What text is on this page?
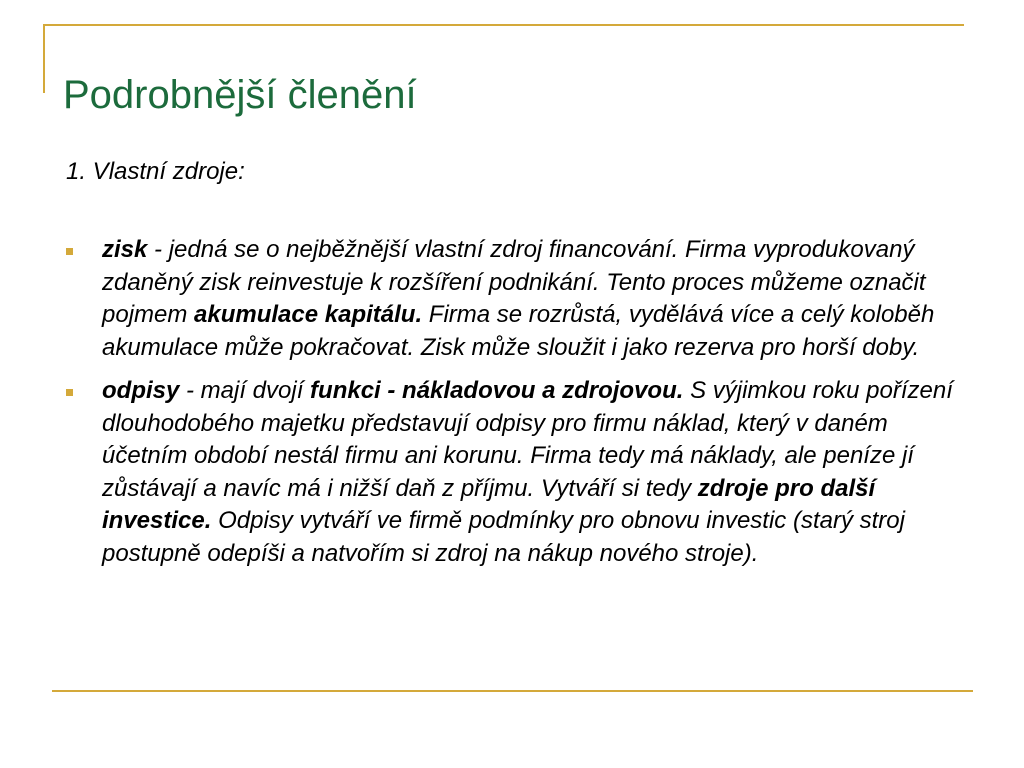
Podrobnější členění

1. Vlastní zdroje:

zisk - jedná se o nejběžnější vlastní zdroj financování. Firma vyprodukovaný zdaněný zisk reinvestuje k rozšíření podnikání. Tento proces můžeme označit pojmem akumulace kapitálu. Firma se rozrůstá, vydělává více a celý koloběh akumulace může pokračovat. Zisk může sloužit i jako rezerva pro horší doby.
odpisy - mají dvojí funkci - nákladovou a zdrojovou. S výjimkou roku pořízení dlouhodobého majetku představují odpisy pro firmu náklad, který v daném účetním období nestál firmu ani korunu. Firma tedy má náklady, ale peníze jí zůstávají a navíc má i nižší daň z příjmu. Vytváří si tedy zdroje pro další investice. Odpisy vytváří ve firmě podmínky pro obnovu investic (starý stroj postupně odepíši a natvořím si zdroj na nákup nového stroje).
